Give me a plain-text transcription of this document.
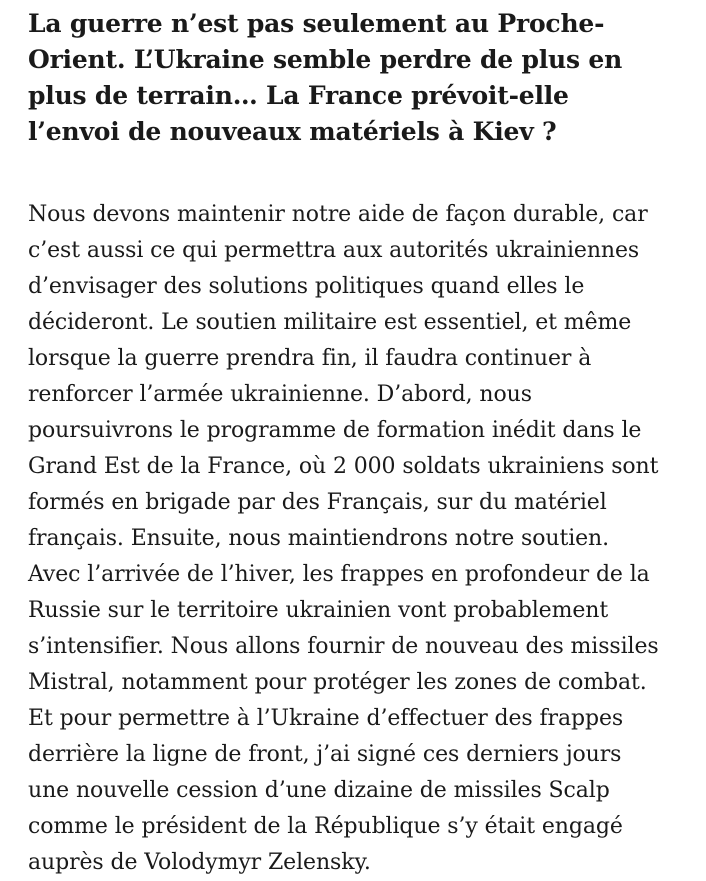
La guerre n’est pas seulement au Proche-Orient. L’Ukraine semble perdre de plus en plus de terrain… La France prévoit-elle l’envoi de nouveaux matériels à Kiev ?

Nous devons maintenir notre aide de façon durable, car c’est aussi ce qui permettra aux autorités ukrainiennes d’envisager des solutions politiques quand elles le décideront. Le soutien militaire est essentiel, et même lorsque la guerre prendra fin, il faudra continuer à renforcer l’armée ukrainienne. D’abord, nous poursuivrons le programme de formation inédit dans le Grand Est de la France, où 2 000 soldats ukrainiens sont formés en brigade par des Français, sur du matériel français. Ensuite, nous maintiendrons notre soutien. Avec l’arrivée de l’hiver, les frappes en profondeur de la Russie sur le territoire ukrainien vont probablement s’intensifier. Nous allons fournir de nouveau des missiles Mistral, notamment pour protéger les zones de combat. Et pour permettre à l’Ukraine d’effectuer des frappes derrière la ligne de front, j’ai signé ces derniers jours une nouvelle cession d’une dizaine de missiles Scalp comme le président de la République s’y était engagé auprès de Volodymyr Zelensky.
